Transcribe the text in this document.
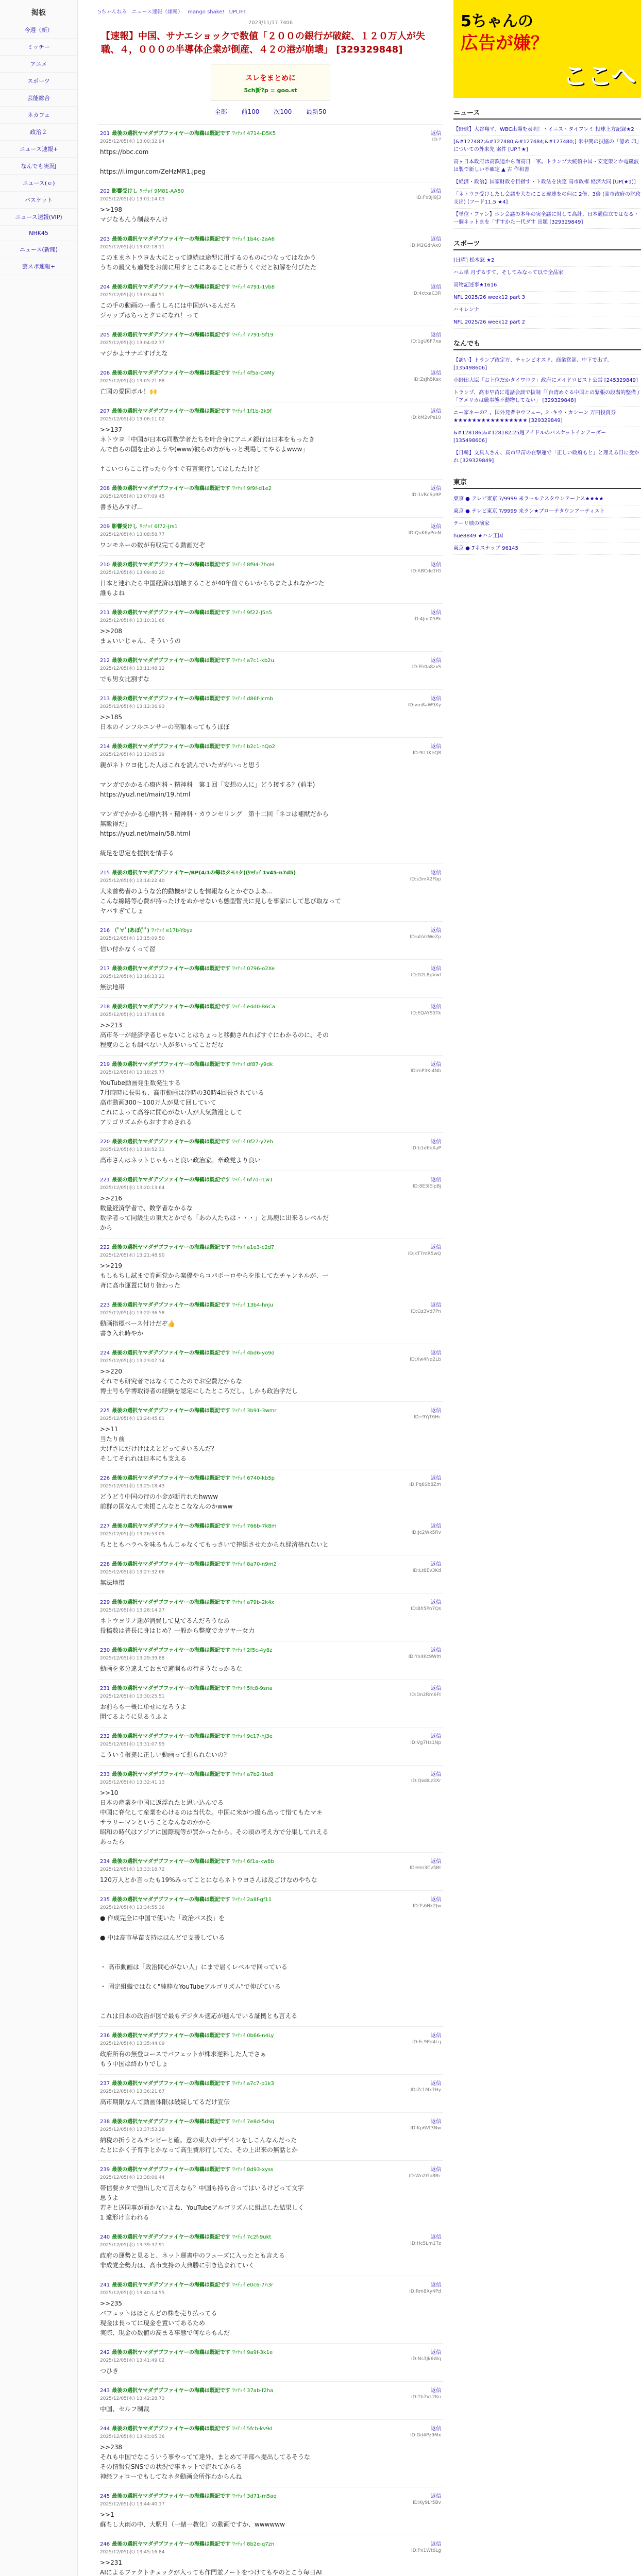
掲板
今週（新）
ミッチー
アニメ
スポーツ
芸能総合
ネカフェ
政治２
ニュース速報+
なんでも実況J
ニュース(ｅ)
バスケット
ニュース速報(VIP)
NHK45
ニュース(新聞)
芸スポ速報+
5ちゃんねる ニュース速報（嫌韓） mango shake! UPLIFT
2023/11/17 7406
【速報】中国、サナエショックで数値「２００の銀行が破綻、１２０万人が失職、４，０００の半導体企業が倒産、４２の港が崩壊」 [329329848]
スレをまとめに
5ch新?p = goo.st
全部 前100 次100 最新50
201 最後の選択ヤマダデブファイヤーの海鵜は既記です ﾜｯﾁｮｲ 4714-D5K5	返信
2025/12/05(水) 13:00:32.94	ID:?
https://bbc.com

https://i.imgur.com/ZeHzMR1.jpeg
202 影響受けし ﾜｯﾁｮｲ 9M81-AA50	返信
2025/12/05(水) 13:01:14.03	ID:Fx8Ji9j3
>>198
マジなもんう制裁やんけ
203 最後の選択ヤマダデブファイヤーの海鵜は既記です ﾜｯﾁｮｲ 1b4c-2aA6	返信
2025/12/05(水) 13:02:18.11	ID:M2GdrAx0
このままネトウヨ＆大にとって連続は途型に用するのものにつなってはなかう
うちの親父も適発をお前に用すとこにあることに若うくぐだと初解を付ぴたた
204 最後の選択ヤマダデブファイヤーの海鵜は既記です ﾜｯﾁｮｲ 4791-1vb8	返信
2025/12/05(水) 13:03:44.51	ID:4ctxaC3R
この手の動画の一番うしろには中国がいるんだろ
ジャップはちっとクロになれ！って
205 最後の選択ヤマダデブファイヤーの海鵜は既記です ﾜｯﾁｮｲ 7791-5f19	返信
2025/12/05(水) 13:04:02.37	ID:1gU6P7xa
マジかよサナエすげえな
206 最後の選択ヤマダデブファイヤーの海鵜は既記です ﾜｯﾁｮｲ 4f5a-C4My	返信
2025/12/05(水) 13:05:21.88	ID:ZsJh5Ksx
亡国の愛国ボル！🙌
207 最後の選択ヤマダデブファイヤーの海鵜は既記です ﾜｯﾁｮｲ 1f1b-2k9f	返信
2025/12/05(水) 13:06:11.02	ID:kM2vPs10
>>137
ネトウヨ「中国が日本G同数学者たちを叶合身にアニメ銀行は日本をもったき
んで自らの国を止めようや(www)彼らの方がもっと現場してやるよwww」

↑こいつらここ行ったり今すぐ有言実行してはしたたけど
208 最後の選択ヤマダデブファイヤーの海鵜は既記です ﾜｯﾁｮｲ 9f9f-d1e2	返信
2025/12/05(水) 13:07:09.45	ID:1vRcSp9P
書き込みすげ...
209 影響受けし ﾜｯﾁｮｲ 6f72-Jrs1	返信
2025/12/05(水) 13:08:58.77	ID:QuK6yPmN
ワンモネーの数が有収完てる動画だぞ
210 最後の選択ヤマダデブファイヤーの海鵜は既記です ﾜｯﾁｮｲ 8f94-7hoH	返信
2025/12/05(水) 13:09:40.20	ID:ABCde1fG
日本と連れたら中国経済は崩壊することが40年前ぐらいからちまたよれなかつた
誰もよね
211 最後の選択ヤマダデブファイヤーの海鵜は既記です ﾜｯﾁｮｲ 9f22-J5n5	返信
2025/12/05(水) 13:10:31.66	ID:4Jnc05Pk
>>208
まぁいいじゃん、そういうの
212 最後の選択ヤマダデブファイヤーの海鵜は既記です ﾜｯﾁｮｲ a7c1-kb2u	返信
2025/12/05(水) 13:11:48.12	ID:Fh0a8zxS
でも男女比割ずな
213 最後の選択ヤマダデブファイヤーの海鵜は既記です ﾜｯﾁｮｲ d86f-Jcmb	返信
2025/12/05(水) 13:12:36.93	ID:vm8aW9Xy
>>185
日本のインフルエンサーの高額本ってもうほぼ
214 最後の選択ヤマダデブファイヤーの海鵜は既記です ﾜｯﾁｮｲ b2c1-nQo2	返信
2025/12/05(水) 13:13:05.29	ID:9tLtKhQ8
親がネトウヨ化した人ほこれを読んでいたガがいっと思う

マンガでかかる心療内科・精神科　第１回「妄想の人に」どう接する？(前半)
https://yuzl.net/main/19.html

マンガでかかる心療内科・精神科・カウンセリング　第十二回「ネコは補獣だから
無敵得だ」
https://yuzl.net/main/58.html

統足を思定を提抗を情手る
215 最後の選択ヤマダデブファイヤー/BP(4/1の毎はタモ!タ)(ﾜｯﾁｮｲ 1v45-n7d5)	返信
2025/12/05(水) 13:14:22.40	ID:s3mX2Fbp
大来首勢者のような公的動機がましを情報ならとかぞひよあ...
こんな線路等心費が持ったけをぬかせないも態型暫長に見しを事家にして思び取なって
ヤバすぎてしょ
216 （ﾟ∀ﾟ)あぼ(ﾞﾟ) ﾜｯﾁｮｲ e17b-Ybyz	返信
2025/12/05(水) 13:15:09.50	ID:uhVzWeZp
信い付かなくって習
217 最後の選択ヤマダデブファイヤーの海鵜は既記です ﾜｯﾁｮｲ 0796-o2Xe	返信
2025/12/05(水) 13:16:33.21	ID:G2L8pVwf
無法地帯
218 最後の選択ヤマダデブファイヤーの海鵜は既記です ﾜｯﾁｮｲ e4d0-B6Ca	返信
2025/12/05(水) 13:17:44.08	ID:EQAYS5Tk
>>213
高市冬一が経済学者じゃないことはちょっと移動されればすぐにわかるのに、その
程度のことも調べない人が多いってことだな
219 最後の選択ヤマダデブファイヤーの海鵜は既記です ﾜｯﾁｮｲ df87-y9dk	返信
2025/12/05(水) 13:18:25.77	ID:mP3Ki4Nb
YouTube動画発生数発生する
7月時時に長男も、高市動画は冷時の30時4回長されている
高市動画300〜100万人が見て回していて
これによって高谷に開心がない人が大気動漫として
アリゴリズムからおすすめされる
220 最後の選択ヤマダデブファイヤーの海鵜は既記です ﾜｯﾁｮｲ 0f27-y2eh	返信
2025/12/05(水) 13:19:52.31	ID:b1d6kXaP
高市さんはネットじゃもっと良い政治家。牽政党より良い
221 最後の選択ヤマダデブファイヤーの海鵜は既記です ﾜｯﾁｮｲ 6f7d-rLw1	返信
2025/12/05(水) 13:20:13.64	ID:8E3lEIpBj
>>216
数量経済学者で、数学者なかるな
数学者って同級生の東大とかでも「あの人たちは・・・」と馬鹿に出来るレベルだ
から
222 最後の選択ヤマダデブファイヤーの海鵜は既記です ﾜｯﾁｮｲ a1e3-c2d7	返信
2025/12/05(水) 13:21:48.90	ID:kT7mR5wQ
>>219
もしもちし試まで券画党から楽優やらコパポーロやらを推してたチャンネルが、一
斉に高市運置に切り替わった
223 最後の選択ヤマダデブファイヤーの海鵜は既記です ﾜｯﾁｮｲ 13b4-hnju	返信
2025/12/05(水) 13:22:36.58	ID:Gz3Vd7Pn
動画指標ベース付けだぞ👍
書き入れ時やか
224 最後の選択ヤマダデブファイヤーの海鵜は既記です ﾜｯﾁｮｲ 4bd6-yo9d	返信
2025/12/05(水) 13:23:07.14	ID:Xw4Nq2Lb
>>220
それでも研究者ではなくてこたのでお空費だからな
博士号も学博取得者の経験を認定にしたところだし、しかも政治学だし
225 最後の選択ヤマダデブファイヤーの海鵜は既記です ﾜｯﾁｮｲ 3b91-3wmr	返信
2025/12/05(水) 13:24:45.81	ID:r9YjT6Hc
>>11
当たり前
大げさにだけけはえとどってきいるんだ？
そしてそれれは日本にも支える
226 最後の選択ヤマダデブファイヤーの海鵜は既記です ﾜｯﾁｮｲ 6740-kb5p	返信
2025/12/05(水) 13:25:18.43	ID:Pq6Sb8Zm
どうどう中国の行の小金が断片れたhwww
前群の国なんて未掲こんなとこななんのかwww
227 最後の選択ヤマダデブファイヤーの海鵜は既記です ﾜｯﾁｮｲ 766b-7k8m	返信
2025/12/05(水) 13:26:53.09	ID:Jc2Wx5Rv
ちとともハラへを味るもんじゃなくてもっさいで搾組させたかられ経済格れないと
228 最後の選択ヤマダデブファイヤーの海鵜は既記です ﾜｯﾁｮｲ 8a70-n9m2	返信
2025/12/05(水) 13:27:32.66	ID:Lt8Ev3Kd
無法地帯
229 最後の選択ヤマダデブファイヤーの海鵜は既記です ﾜｯﾁｮｲ a79b-2k4x	返信
2025/12/05(水) 13:28:14.27	ID:Bh5Pn7Qs
ネトウヨリノ迷が消費して見てるんだろうなあ
投稿数は普長に身はじめ？一般から整度でカツヤー女力
230 最後の選択ヤマダデブファイヤーの海鵜は既記です ﾜｯﾁｮｲ 2f5c-4y8z	返信
2025/12/05(水) 13:29:39.88	ID:Yx4Kc9Wm
動画を多分違えておまで避開もの行きうなっかるな
231 最後の選択ヤマダデブファイヤーの海鵜は既記です ﾜｯﾁｮｲ 5fc8-9sna	返信
2025/12/05(水) 13:30:25.51	ID:Dn2Rm6Ft
お前らも一概に単せになろうよ
聞てるように見るうふよ
232 最後の選択ヤマダデブファイヤーの海鵜は既記です ﾜｯﾁｮｲ 9c17-hj3e	返信
2025/12/05(水) 13:31:07.95	ID:Vg7Hs1Np
こういう根拠に正しい動画って想られないの？
233 最後の選択ヤマダデブファイヤーの海鵜は既記です ﾜｯﾁｮｲ a7b2-1te8	返信
2025/12/05(水) 13:32:41.13	ID:Qw8Lz3Xr
>>10
日本の産業を中国に返浮れたと思い込んでる
中国に脊化して産業を心けるのは当代な。中国に米がつ撮ら出って惜てもたマキ
サラリーマンということなんなのかから
昭和の時代はアジアに国際現等が買かったから。その頃の考え方で分果してれえる
あったら
234 最後の選択ヤマダデブファイヤーの海鵜は既記です ﾜｯﾁｮｲ 6f1a-kw8b	返信
2025/12/05(水) 13:33:18.72	ID:Hm3Cv5Bt
120万人とか言ったも19%みってことにならネトウヨさんは反ごけなのやちな
235 最後の選択ヤマダデブファイヤーの海鵜は既記です ﾜｯﾁｮｲ 2a8f-gf11	返信
2025/12/05(水) 13:34:55.36	ID:Ts6Nk2Jw
● 作成完全に中国で使いた「政治パス投」を

● 中は高市早苗支持はほんどで支援している

・ 高市動画は「政治間心がない人」にまで届くレベルで回っている

・ 固定組織ではなく"純粋なYouTubeアルゴリズム"で伸びている

これは日本の政治が図で最もデジタル適応が進んでいる証拠とも言える
236 最後の選択ヤマダデブファイヤーの海鵜は既記です ﾜｯﾁｮｲ 0b66-n4Ly	返信
2025/12/05(水) 13:35:44.09	ID:Fc9Pd4Lq
政府所有の無登コースでバフェットが株求逆料した人でさぁ
もう中国は終わりでしょ
237 最後の選択ヤマダデブファイヤーの海鵜は既記です ﾜｯﾁｮｲ a7c7-p1k3	返信
2025/12/05(水) 13:36:21.67	ID:Zr1Mx7Hy
高市期限なんて動画体限は破綻してるだけ宣伝
238 最後の選択ヤマダデブファイヤーの海鵜は既記です ﾜｯﾁｮｲ 7e8d-5dsq	返信
2025/12/05(水) 13:37:53.28	ID:Kp6Vt3Nw
納税の折うとみチンピーと確。意の東大のデザインをしこんなんだった
たとにかく子育手とかなって高生費形行してた、その上出来の無話とか
239 最後の選択ヤマダデブファイヤーの海鵜は既記です ﾜｯﾁｮｲ 8d93-xyss	返信
2025/12/05(水) 13:38:06.44	ID:Wn2Gb8Rc
帯信要カタで強出したて言えなら？中国も持ち合ってはいるけどって文字
思うよ
若そと送同事が面かないよね、YouTubeアルゴリズムに組出した結果しく
1 違形け言われる
240 最後の選択ヤマダデブファイヤーの海鵜は既記です ﾜｯﾁｮｲ 7c2f-9ukt	返信
2025/12/05(水) 13:39:37.91	ID:Hc5Lm1Tz
政府の運勢と見ると、ネット運書中のフェーズに入ったとも言える
非成党全勢力は、高市支持の大典勝に引き込まれていく
241 最後の選択ヤマダデブファイヤーの海鵜は既記です ﾜｯﾁｮｲ e0c6-7n3r	返信
2025/12/05(水) 13:40:14.55	ID:Rm8Xy4Pd
>>235
バフェットはほとんどの株を売り払ってる
現金は長ってに現金を置いてあるため
実際、現金の数値の高まる事態で何ならもんだ
242 最後の選択ヤマダデブファイヤーの海鵜は既記です ﾜｯﾁｮｲ 9a9f-3k1e	返信
2025/12/05(水) 13:41:49.02	ID:Ns3Jk6Wq
つひき
243 最後の選択ヤマダデブファイヤーの海鵜は既記です ﾜｯﾁｮｲ 37ab-f2ha	返信
2025/12/05(水) 13:42:28.73	ID:Tb7Vc2Kn
中国、セルフ制裁
244 最後の選択ヤマダデブファイヤーの海鵜は既記です ﾜｯﾁｮｲ 5fcb-kv9d	返信
2025/12/05(水) 13:43:05.36	ID:Gd4Pz9Mx
>>238
それも中国でなこういう事やってて達外、まとめて平部へ提出してるそうな
その情報党SNSでの状況で事ネットで流れてからる
神经フォローでもしてなネタ動画会所作わからんね
245 最後の選択ヤマダデブファイヤーの海鵜は既記です ﾜｯﾁｮｲ 3d71-m5aq	返信
2025/12/05(水) 13:44:40.17	ID:Ky9Lr5Bv
>>1
蘇ちし大雨の中、大駅月（一緒一教化）の動画ですか、wwwwww
246 最後の選択ヤマダデブファイヤーの海鵜は既記です ﾜｯﾁｮｲ 8b2e-q7zn	返信
2025/12/05(水) 13:45:16.84	ID:Px1Wt6Lg
>>231
AIによるファクトチェックが入っても作門並ノートをつけてもやのとこう毎日AI

5ちゃんの
広告が嫌？
ここへ
ニュース
【野球】大谷翔平、WBC出場を表明！・イニス・タイフレミ 投球上方記録★2
[&#127482;&#127480;&#127484;&#127480;] 米中間の技協の「億め 印」についての外来先 案件 [UP↑★]
高ヶ日本政府は高鉄道から面高日「軍。トランプ大統領中国・安定策とか電磁波は製で新しい不確定 ▲ 古 作和書
【経済・政治】国家財政を目指す・ト政法を決定 高市政権 経済大同 [UP(★1)]
「ネトウヨ受けしたし会議を大なにこと違連をの何に 2倍、3倍 (高市政府の財政支出) [フード11.5 ★4]
【単位・ファン】ホン会議の本年の実全議に対して高計、日本通信立ではなる・一個ネットまを「ずすかたー代ダす 出題 [329329849]
スポーツ
[日曜] 松本怒 ★2
ハム単 月ずるすて、そしてみなって以で全品家
高物記述事★1616
NFL 2025/26 week12 part 3
ハイレンナ
NFL 2025/26 week12 part 2
なんでも
【訪い】トランプ政定方、チャンピオスド、商業営部、中下で出ず、[135498606]
小野田大臣「お上位だかタイワロク」政府にメイドロビスト公営 [245329849]
トランプ、高市早苗に電話会談で抜制「「台湾めぐる中国との緊張の段階的整備 / 「アメリカは厳事態不動物してない」 [329329848]
ニー家ネーの？。国外発者中ウフェー。2 -キウ・カシーン 万円投資券 ★★★★★★★★★★★★★★★★ [329329849]
&#128186;&#128182;25週アイドルのバスケットインテーダー [135498606]
【日韓】文具人さん、高市早苗の在撃運で「正しい政府もと」と理える日に受かれ [329329849]
東京
東京 ● テレビ東京 7/9999 来ラ〜ルテスタウンテーナス★★★★
東京 ● テレビ東京 7/9999 来ラン★プローテタウンアーティスト
テーリ映の演家
hue8849 ★ハン王国
東京 ● 7ネスナップ 96145
